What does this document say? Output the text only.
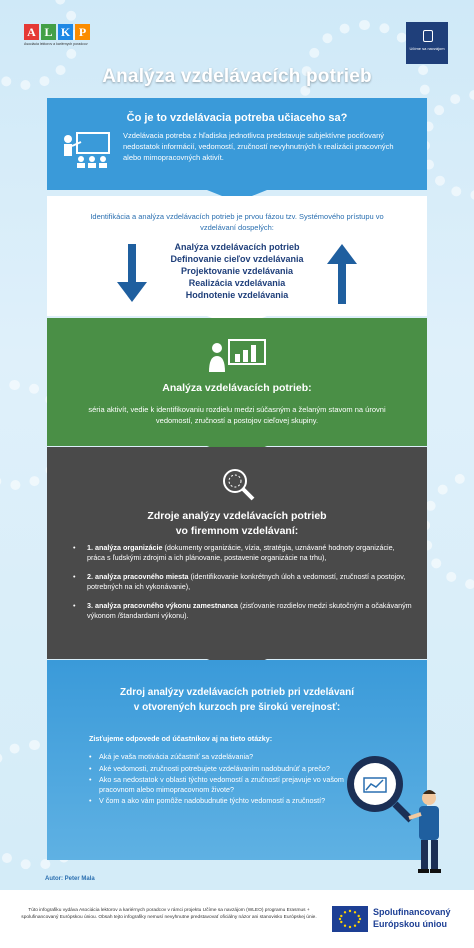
A L K P
Asociácia lektorov a kariérnych poradcov
Učíme sa navzájom
Analýza vzdelávacích potrieb
Čo je to vzdelávacia potreba učiaceho sa?
Vzdelávacia potreba z hľadiska jednotlivca predstavuje subjektívne pociťovaný nedostatok informácií, vedomostí, zručností nevyhnutných k realizácii pracovných alebo mimopracovných aktivít.
Identifikácia a analýza vzdelávacích potrieb je prvou fázou tzv. Systémového prístupu vo vzdelávaní dospelých:
Analýza vzdelávacích potrieb
Definovanie cieľov vzdelávania
Projektovanie vzdelávania
Realizácia vzdelávania
Hodnotenie vzdelávania
Analýza vzdelávacích potrieb:
séria aktivít, vedie k identifikovaniu rozdielu medzi súčasným a želaným stavom na úrovni vedomostí, zručností a postojov cieľovej skupiny.
Zdroje analýzy vzdelávacích potrieb
vo firemnom vzdelávaní:
• 1. analýza organizácie (dokumenty organizácie, vízia, stratégia, uznávané hodnoty organizácie, práca s ľudskými zdrojmi a ich plánovanie, postavenie organizácie na trhu),
• 2. analýza pracovného miesta (identifikovanie konkrétnych úloh a vedomostí, zručností a postojov, potrebných na ich vykonávanie),
• 3. analýza pracovného výkonu zamestnanca (zisťovanie rozdielov medzi skutočným a očakávaným výkonom /štandardami výkonu).
Zdroj analýzy vzdelávacích potrieb pri vzdelávaní
v otvorených kurzoch pre širokú verejnosť:
Zisťujeme odpovede od účastníkov aj na tieto otázky:
• Aká je vaša motivácia zúčastniť sa vzdelávania?
• Aké vedomosti, zručnosti potrebujete vzdelávaním nadobudnúť a prečo?
• Ako sa nedostatok v oblasti týchto vedomostí a zručností prejavuje vo vašom pracovnom alebo mimopracovnom živote?
• V čom a ako vám pomôže nadobudnutie týchto vedomostí a zručností?
Autor: Peter Mala
Túto infografiku vydáva Asociácia lektorov a kariérnych poradcov v rámci projektu Učíme sa navzájom (WLEO) programu Erasmus + spolufinancovaný Európskou úniou. Obsah tejto infografiky nemusí nevyhnutne predstavovať oficiálny názor ani stanovisko Európskej únie.	Spolufinancovaný
Európskou úniou
